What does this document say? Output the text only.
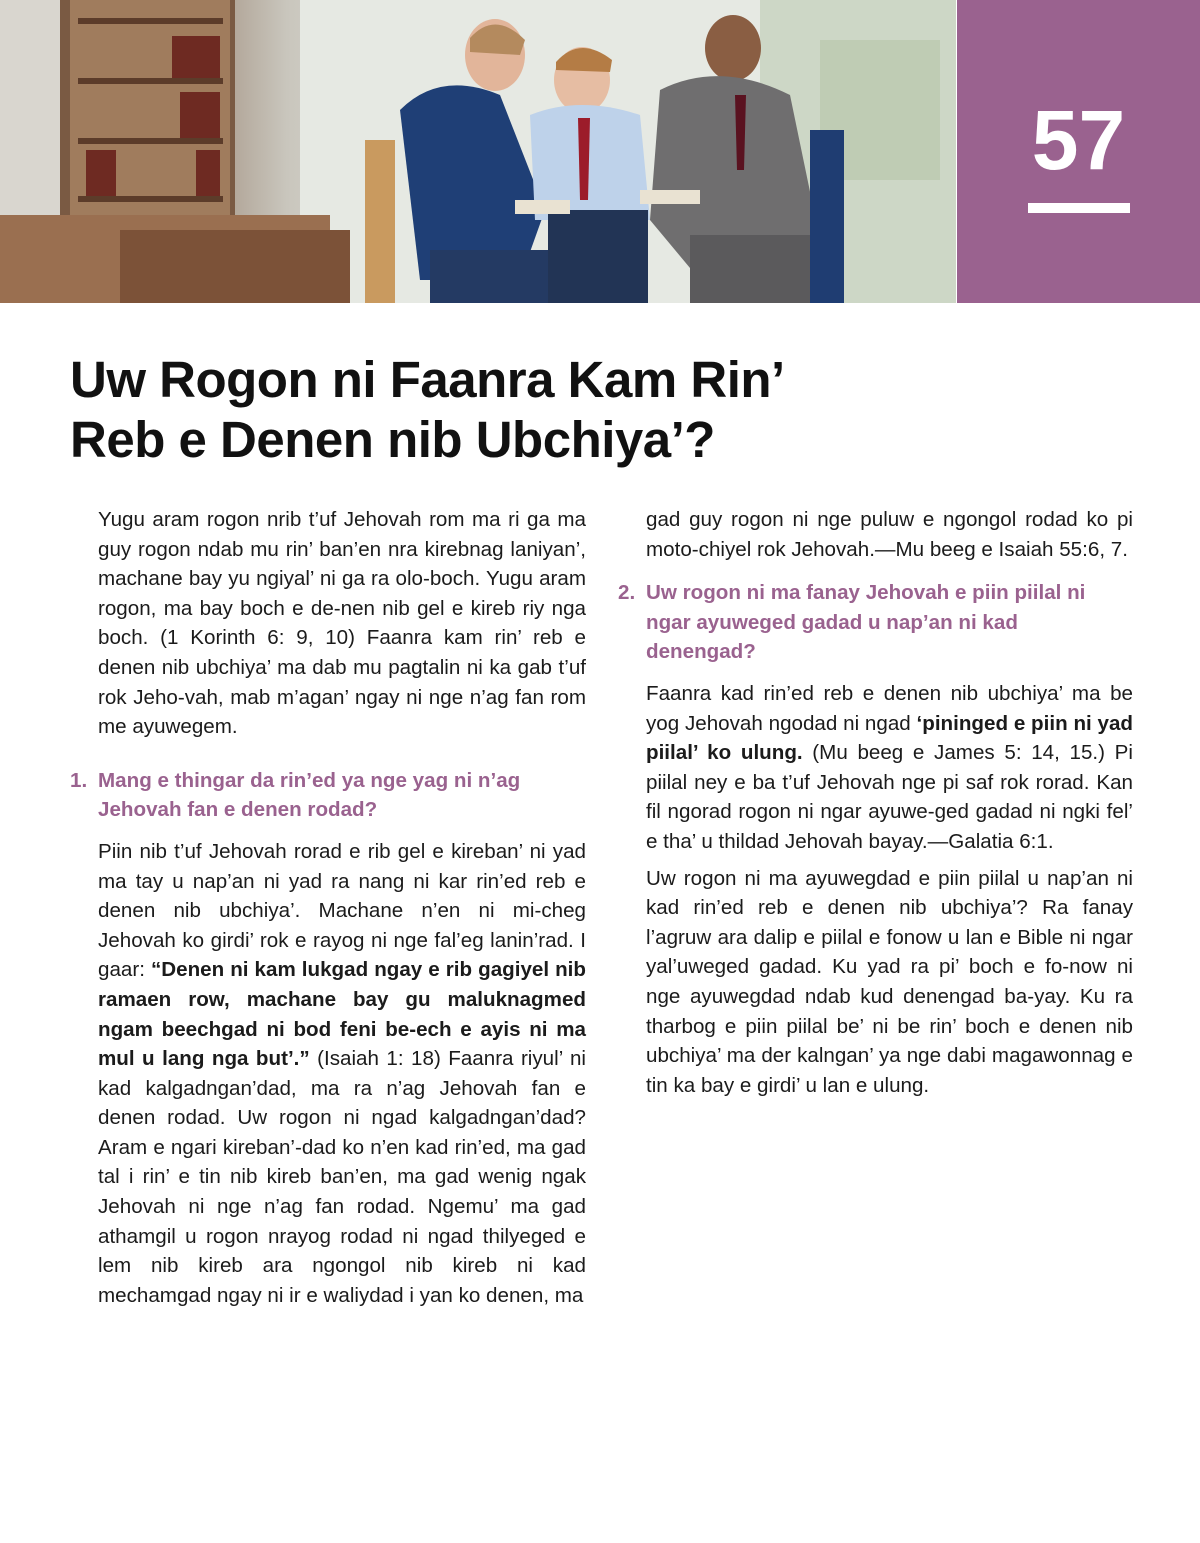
57
Uw Rogon ni Faanra Kam Rin’
Reb e Denen nib Ubchiya’?

Yugu aram rogon nrib t’uf Jehovah rom ma ri ga ma guy rogon ndab mu rin’ ban’en nra kirebnag laniyan’, machane bay yu ngiyal’ ni ga ra olo-boch. Yugu aram rogon, ma bay boch e de-nen nib gel e kireb riy nga boch. (1 Korinth 6: 9, 10) Faanra kam rin’ reb e denen nib ubchiya’ ma dab mu pagtalin ni ka gab t’uf rok Jeho-vah, mab m’agan’ ngay ni nge n’ag fan rom me ayuwegem.

1. Mang e thingar da rin’ed ya nge yag ni n’ag Jehovah fan e denen rodad?

Piin nib t’uf Jehovah rorad e rib gel e kireban’ ni yad ma tay u nap’an ni yad ra nang ni kar rin’ed reb e denen nib ubchiya’. Machane n’en ni mi-cheg Jehovah ko girdi’ rok e rayog ni nge fal’eg lanin’rad. I gaar: “Denen ni kam lukgad ngay e rib gagiyel nib ramaen row, machane bay gu maluknagmed ngam beechgad ni bod feni be-ech e ayis ni ma mul u lang nga but’.” (Isaiah 1: 18) Faanra riyul’ ni kad kalgadngan’dad, ma ra n’ag Jehovah fan e denen rodad. Uw rogon ni ngad kalgadngan’dad? Aram e ngari kireban’-dad ko n’en kad rin’ed, ma gad tal i rin’ e tin nib kireb ban’en, ma gad wenig ngak Jehovah ni nge n’ag fan rodad. Ngemu’ ma gad athamgil u rogon nrayog rodad ni ngad thilyeged e lem nib kireb ara ngongol nib kireb ni kad mechamgad ngay ni ir e waliydad i yan ko denen, ma

gad guy rogon ni nge puluw e ngongol rodad ko pi moto-chiyel rok Jehovah.—Mu beeg e Isaiah 55:6, 7.

2. Uw rogon ni ma fanay Jehovah e piin piilal ni ngar ayuweged gadad u nap’an ni kad denengad?

Faanra kad rin’ed reb e denen nib ubchiya’ ma be yog Jehovah ngodad ni ngad ‘pininged e piin ni yad piilal’ ko ulung. (Mu beeg e James 5: 14, 15.) Pi piilal ney e ba t’uf Jehovah nge pi saf rok rorad. Kan fil ngorad rogon ni ngar ayuwe-ged gadad ni ngki fel’ e tha’ u thildad Jehovah bayay.—Galatia 6:1.

Uw rogon ni ma ayuwegdad e piin piilal u nap’an ni kad rin’ed reb e denen nib ubchiya’? Ra fanay l’agruw ara dalip e piilal e fonow u lan e Bible ni ngar yal’uweged gadad. Ku yad ra pi’ boch e fo-now ni nge ayuwegdad ndab kud denengad ba-yay. Ku ra tharbog e piin piilal be’ ni be rin’ boch e denen nib ubchiya’ ma der kalngan’ ya nge dabi magawonnag e tin ka bay e girdi’ u lan e ulung.
